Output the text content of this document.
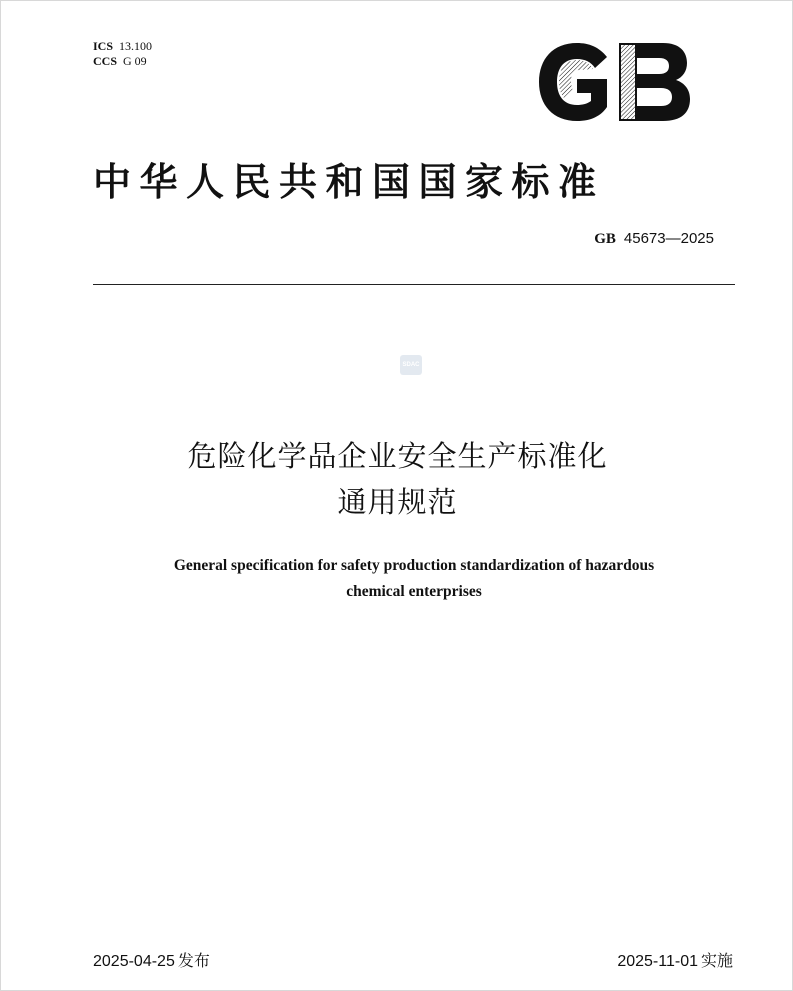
ICS 13.100
CCS G 09
中华人民共和国国家标准
GB 45673—2025
SDAC
危险化学品企业安全生产标准化
通用规范
General specification for safety production standardization of hazardous
chemical enterprises
2025-04-25 发布	2025-11-01 实施
